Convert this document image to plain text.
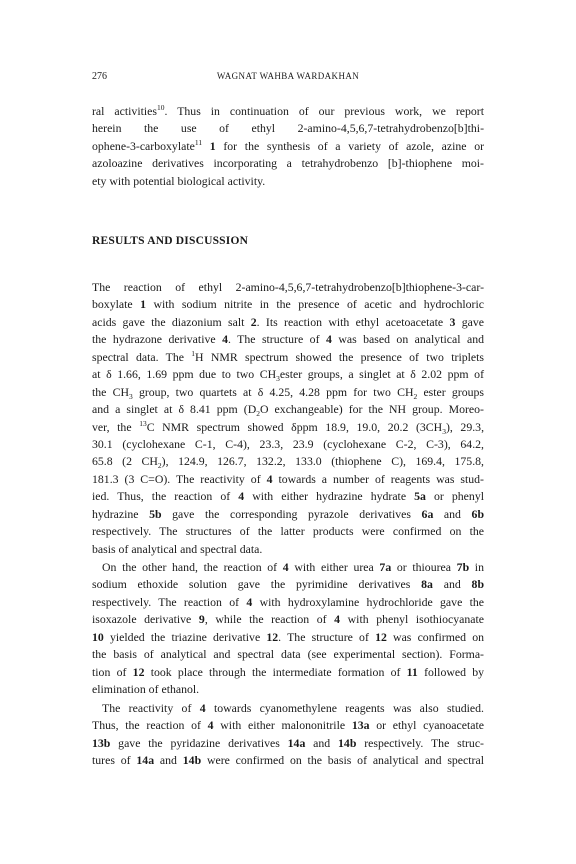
276	WAGNAT WAHBA WARDAKHAN
ral activities$^{10}$. Thus in continuation of our previous work, we report
herein the use of ethyl 2-amino-4,5,6,7-tetrahydrobenzo[b]thi-
ophene-3-carboxylate$^{11}$ 1 for the synthesis of a variety of azole, azine or
azoloazine derivatives incorporating a tetrahydrobenzo [b]-thiophene moi-
ety with potential biological activity.
RESULTS AND DISCUSSION
The reaction of ethyl 2-amino-4,5,6,7-tetrahydrobenzo[b]thiophene-3-car-
boxylate 1 with sodium nitrite in the presence of acetic and hydrochloric
acids gave the diazonium salt 2. Its reaction with ethyl acetoacetate 3 gave
the hydrazone derivative 4. The structure of 4 was based on analytical and
spectral data. The $^1$H NMR spectrum showed the presence of two triplets
at δ 1.66, 1.69 ppm due to two $CH_3ester$ groups, a singlet at δ 2.02 ppm of
the $CH_3$ group, two quartets at δ 4.25, 4.28 ppm for two $CH_2$ ester groups
and a singlet at δ 8.41 ppm ($D_2O$ exchangeable) for the NH group. Moreo-
ver, the $^{13}$C NMR spectrum showed δppm 18.9, 19.0, 20.2 $(3CH_3)$, 29.3,
30.1 (cyclohexane C-1, C-4), 23.3, 23.9 (cyclohexane C-2, C-3), 64.2,
65.8 (2 $CH_2$), 124.9, 126.7, 132.2, 133.0 (thiophene C), 169.4, 175.8,
181.3 (3 C=O). The reactivity of 4 towards a number of reagents was stud-
ied. Thus, the reaction of 4 with either hydrazine hydrate 5a or phenyl
hydrazine 5b gave the corresponding pyrazole derivatives 6a and 6b
respectively. The structures of the latter products were confirmed on the
basis of analytical and spectral data.
On the other hand, the reaction of 4 with either urea 7a or thiourea 7b in
sodium ethoxide solution gave the pyrimidine derivatives 8a and 8b
respectively. The reaction of 4 with hydroxylamine hydrochloride gave the
isoxazole derivative 9, while the reaction of 4 with phenyl isothiocyanate
10 yielded the triazine derivative 12. The structure of 12 was confirmed on
the basis of analytical and spectral data (see experimental section). Forma-
tion of 12 took place through the intermediate formation of 11 followed by
elimination of ethanol.
The reactivity of 4 towards cyanomethylene reagents was also studied.
Thus, the reaction of 4 with either malononitrile 13a or ethyl cyanoacetate
13b gave the pyridazine derivatives 14a and 14b respectively. The struc-
tures of 14a and 14b were confirmed on the basis of analytical and spectral
